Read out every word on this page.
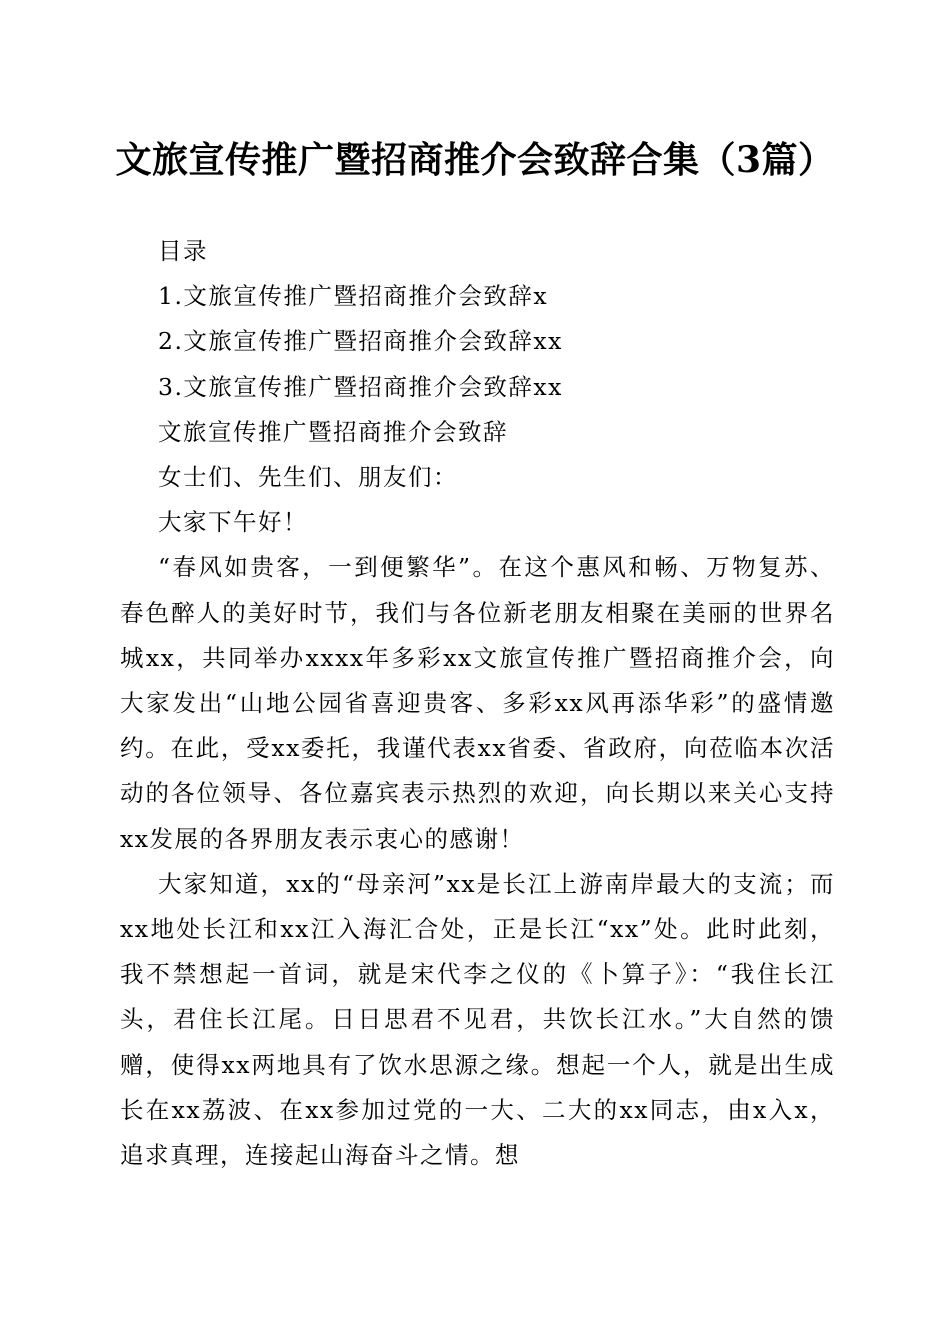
文旅宣传推广暨招商推介会致辞合集（3篇）

目录

1.文旅宣传推广暨招商推介会致辞x

2.文旅宣传推广暨招商推介会致辞xx

3.文旅宣传推广暨招商推介会致辞xx

文旅宣传推广暨招商推介会致辞

女士们、先生们、朋友们：

大家下午好！

“春风如贵客，一到便繁华”。在这个惠风和畅、万物复苏、春色醉人的美好时节，我们与各位新老朋友相聚在美丽的世界名城xx，共同举办xxxx年多彩xx文旅宣传推广暨招商推介会，向大家发出“山地公园省喜迎贵客、多彩xx风再添华彩”的盛情邀约。在此，受xx委托，我谨代表xx省委、省政府，向莅临本次活动的各位领导、各位嘉宾表示热烈的欢迎，向长期以来关心支持xx发展的各界朋友表示衷心的感谢！

大家知道，xx的“母亲河”xx是长江上游南岸最大的支流；而xx地处长江和xx江入海汇合处，正是长江“xx”处。此时此刻，我不禁想起一首词，就是宋代李之仪的《卜算子》：“我住长江头，君住长江尾。日日思君不见君，共饮长江水。”大自然的馈赠，使得xx两地具有了饮水思源之缘。想起一个人，就是出生成长在xx荔波、在xx参加过党的一大、二大的xx同志，由x入x，追求真理，连接起山海奋斗之情。想
